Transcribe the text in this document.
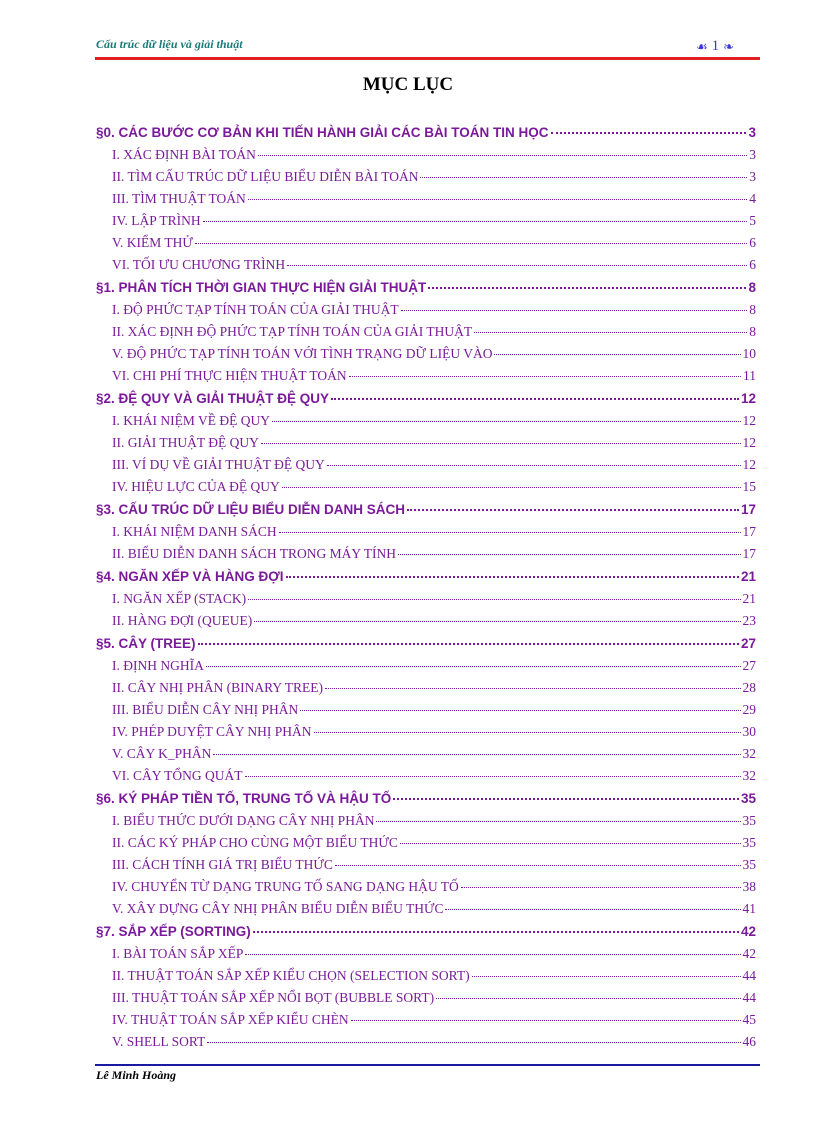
Cấu trúc dữ liệu và giải thuật	☙ 1 ❧
MỤC LỤC
§0. CÁC BƯỚC CƠ BẢN KHI TIẾN HÀNH GIẢI CÁC BÀI TOÁN TIN HỌC	3
I. XÁC ĐỊNH BÀI TOÁN	3
II. TÌM CẤU TRÚC DỮ LIỆU BIỂU DIỄN BÀI TOÁN	3
III. TÌM THUẬT TOÁN	4
IV. LẬP TRÌNH	5
V. KIỂM THỬ	6
VI. TỐI ƯU CHƯƠNG TRÌNH	6
§1. PHÂN TÍCH THỜI GIAN THỰC HIỆN GIẢI THUẬT	8
I. ĐỘ PHỨC TẠP TÍNH TOÁN CỦA GIẢI THUẬT	8
II. XÁC ĐỊNH ĐỘ PHỨC TẠP TÍNH TOÁN CỦA GIẢI THUẬT	8
V. ĐỘ PHỨC TẠP TÍNH TOÁN VỚI TÌNH TRẠNG DỮ LIỆU VÀO	10
VI. CHI PHÍ THỰC HIỆN THUẬT TOÁN	11
§2. ĐỆ QUY VÀ GIẢI THUẬT ĐỆ QUY	12
I. KHÁI NIỆM VỀ ĐỆ QUY	12
II. GIẢI THUẬT ĐỆ QUY	12
III. VÍ DỤ VỀ GIẢI THUẬT ĐỆ QUY	12
IV. HIỆU LỰC CỦA ĐỆ QUY	15
§3. CẤU TRÚC DỮ LIỆU BIỂU DIỄN DANH SÁCH	17
I. KHÁI NIỆM DANH SÁCH	17
II. BIỂU DIỄN DANH SÁCH TRONG MÁY TÍNH	17
§4. NGĂN XẾP VÀ HÀNG ĐỢI	21
I. NGĂN XẾP (STACK)	21
II. HÀNG ĐỢI (QUEUE)	23
§5. CÂY (TREE)	27
I. ĐỊNH NGHĨA	27
II. CÂY NHỊ PHÂN (BINARY TREE)	28
III. BIỂU DIỄN CÂY NHỊ PHÂN	29
IV. PHÉP DUYỆT CÂY NHỊ PHÂN	30
V. CÂY K_PHÂN	32
VI. CÂY TỔNG QUÁT	32
§6. KÝ PHÁP TIỀN TỐ, TRUNG TỐ VÀ HẬU TỐ	35
I. BIỂU THỨC DƯỚI DẠNG CÂY NHỊ PHÂN	35
II. CÁC KÝ PHÁP CHO CÙNG MỘT BIỂU THỨC	35
III. CÁCH TÍNH GIÁ TRỊ BIỂU THỨC	35
IV. CHUYỂN TỪ DẠNG TRUNG TỐ SANG DẠNG HẬU TỐ	38
V. XÂY DỰNG CÂY NHỊ PHÂN BIỂU DIỄN BIỂU THỨC	41
§7. SẮP XẾP (SORTING)	42
I. BÀI TOÁN SẮP XẾP	42
II. THUẬT TOÁN SẮP XẾP KIỂU CHỌN (SELECTION SORT)	44
III. THUẬT TOÁN SẮP XẾP NỔI BỌT (BUBBLE SORT)	44
IV. THUẬT TOÁN SẮP XẾP KIỂU CHÈN	45
V. SHELL SORT	46
Lê Minh Hoàng
